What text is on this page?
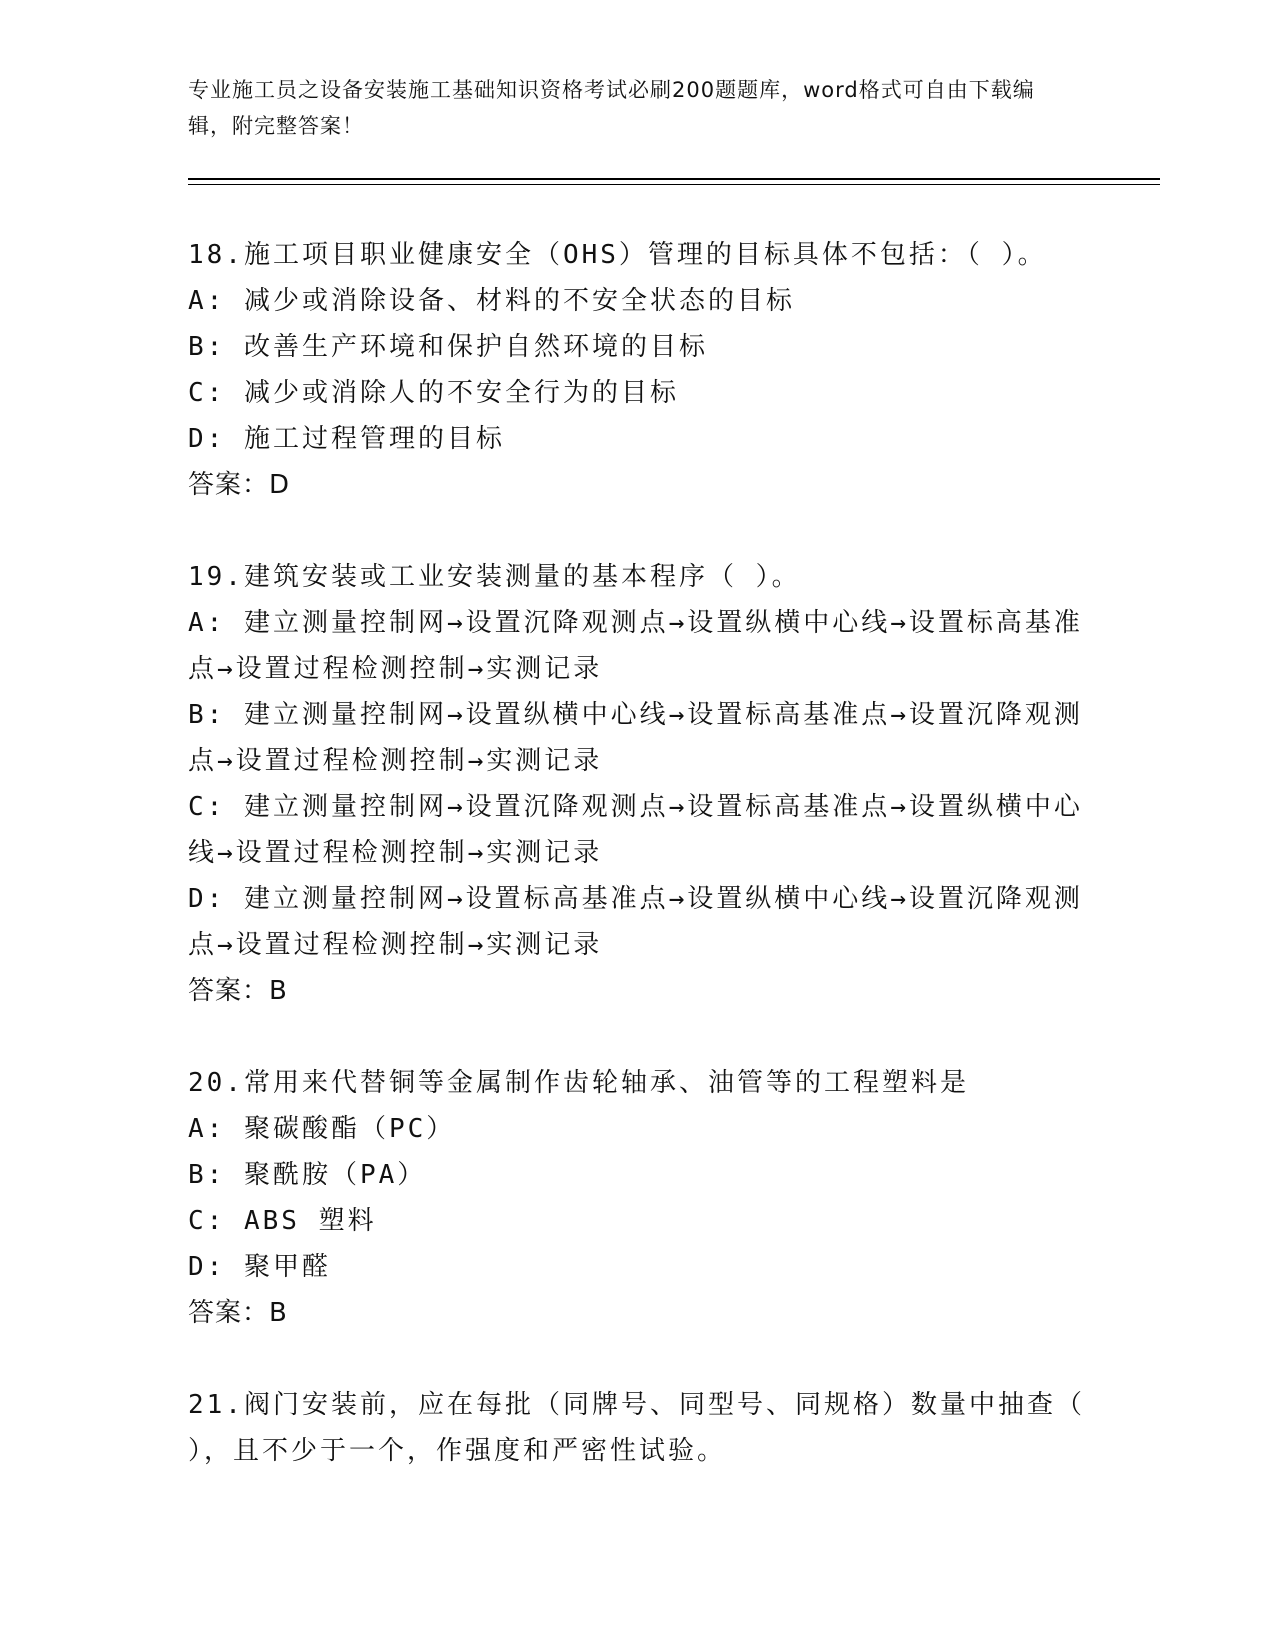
专业施工员之设备安装施工基础知识资格考试必刷200题题库，word格式可自由下载编辑，附完整答案！
18.施工项目职业健康安全（OHS）管理的目标具体不包括：（ ）。
A: 减少或消除设备、材料的不安全状态的目标
B: 改善生产环境和保护自然环境的目标
C: 减少或消除人的不安全行为的目标
D: 施工过程管理的目标
答案：D
19.建筑安装或工业安装测量的基本程序（ ）。
A: 建立测量控制网→设置沉降观测点→设置纵横中心线→设置标高基准点→设置过程检测控制→实测记录
B: 建立测量控制网→设置纵横中心线→设置标高基准点→设置沉降观测点→设置过程检测控制→实测记录
C: 建立测量控制网→设置沉降观测点→设置标高基准点→设置纵横中心线→设置过程检测控制→实测记录
D: 建立测量控制网→设置标高基准点→设置纵横中心线→设置沉降观测点→设置过程检测控制→实测记录
答案：B
20.常用来代替铜等金属制作齿轮轴承、油管等的工程塑料是
A: 聚碳酸酯（PC）
B: 聚酰胺（PA）
C: ABS 塑料
D: 聚甲醛
答案：B
21.阀门安装前，应在每批（同牌号、同型号、同规格）数量中抽查（ ），且不少于一个，作强度和严密性试验。
